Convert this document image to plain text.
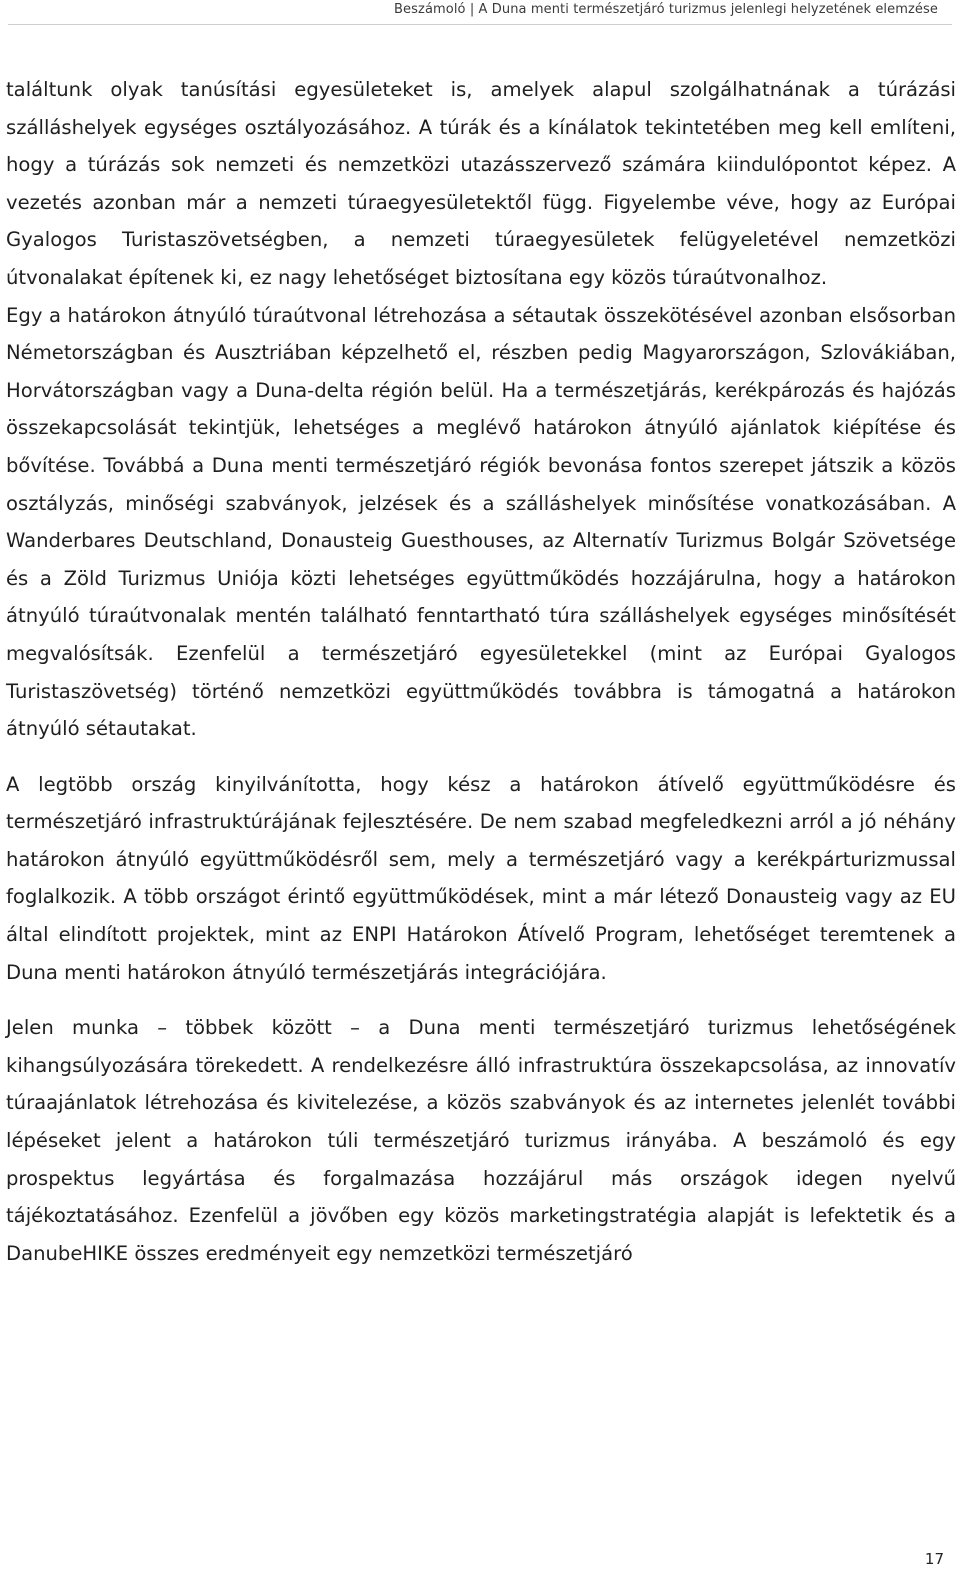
Beszámoló | A Duna menti természetjáró turizmus jelenlegi helyzetének elemzése

találtunk olyak tanúsítási egyesületeket is, amelyek alapul szolgálhatnának a túrázási szálláshelyek egységes osztályozásához. A túrák és a kínálatok tekintetében meg kell említeni, hogy a túrázás sok nemzeti és nemzetközi utazásszervező számára kiindulópontot képez. A vezetés azonban már a nemzeti túraegyesületektől függ. Figyelembe véve, hogy az Európai Gyalogos Turistaszövetségben, a nemzeti túraegyesületek felügyeletével nemzetközi útvonalakat építenek ki, ez nagy lehetőséget biztosítana egy közös túraútvonalhoz.

Egy a határokon átnyúló túraútvonal létrehozása a sétautak összekötésével azonban elsősorban Németországban és Ausztriában képzelhető el, részben pedig Magyarországon, Szlovákiában, Horvátországban vagy a Duna-delta régión belül. Ha a természetjárás, kerékpározás és hajózás összekapcsolását tekintjük, lehetséges a meglévő határokon átnyúló ajánlatok kiépítése és bővítése. Továbbá a Duna menti természetjáró régiók bevonása fontos szerepet játszik a közös osztályzás, minőségi szabványok, jelzések és a szálláshelyek minősítése vonatkozásában. A Wanderbares Deutschland, Donausteig Guesthouses, az Alternatív Turizmus Bolgár Szövetsége és a Zöld Turizmus Uniója közti lehetséges együttműködés hozzájárulna, hogy a határokon átnyúló túraútvonalak mentén található fenntartható túra szálláshelyek egységes minősítését megvalósítsák. Ezenfelül a természetjáró egyesületekkel (mint az Európai Gyalogos Turistaszövetség) történő nemzetközi együttműködés továbbra is támogatná a határokon átnyúló sétautakat.

A legtöbb ország kinyilvánította, hogy kész a határokon átívelő együttműködésre és természetjáró infrastruktúrájának fejlesztésére. De nem szabad megfeledkezni arról a jó néhány határokon átnyúló együttműködésről sem, mely a természetjáró vagy a kerékpárturizmussal foglalkozik. A több országot érintő együttműködések, mint a már létező Donausteig vagy az EU által elindított projektek, mint az ENPI Határokon Átívelő Program, lehetőséget teremtenek a Duna menti határokon átnyúló természetjárás integrációjára.

Jelen munka – többek között – a Duna menti természetjáró turizmus lehetőségének kihangsúlyozására törekedett. A rendelkezésre álló infrastruktúra összekapcsolása, az innovatív túraajánlatok létrehozása és kivitelezése, a közös szabványok és az internetes jelenlét további lépéseket jelent a határokon túli természetjáró turizmus irányába. A beszámoló és egy prospektus legyártása és forgalmazása hozzájárul más országok idegen nyelvű tájékoztatásához. Ezenfelül a jövőben egy közös marketingstratégia alapját is lefektetik és a DanubeHIKE összes eredményeit egy nemzetközi természetjáró

17
